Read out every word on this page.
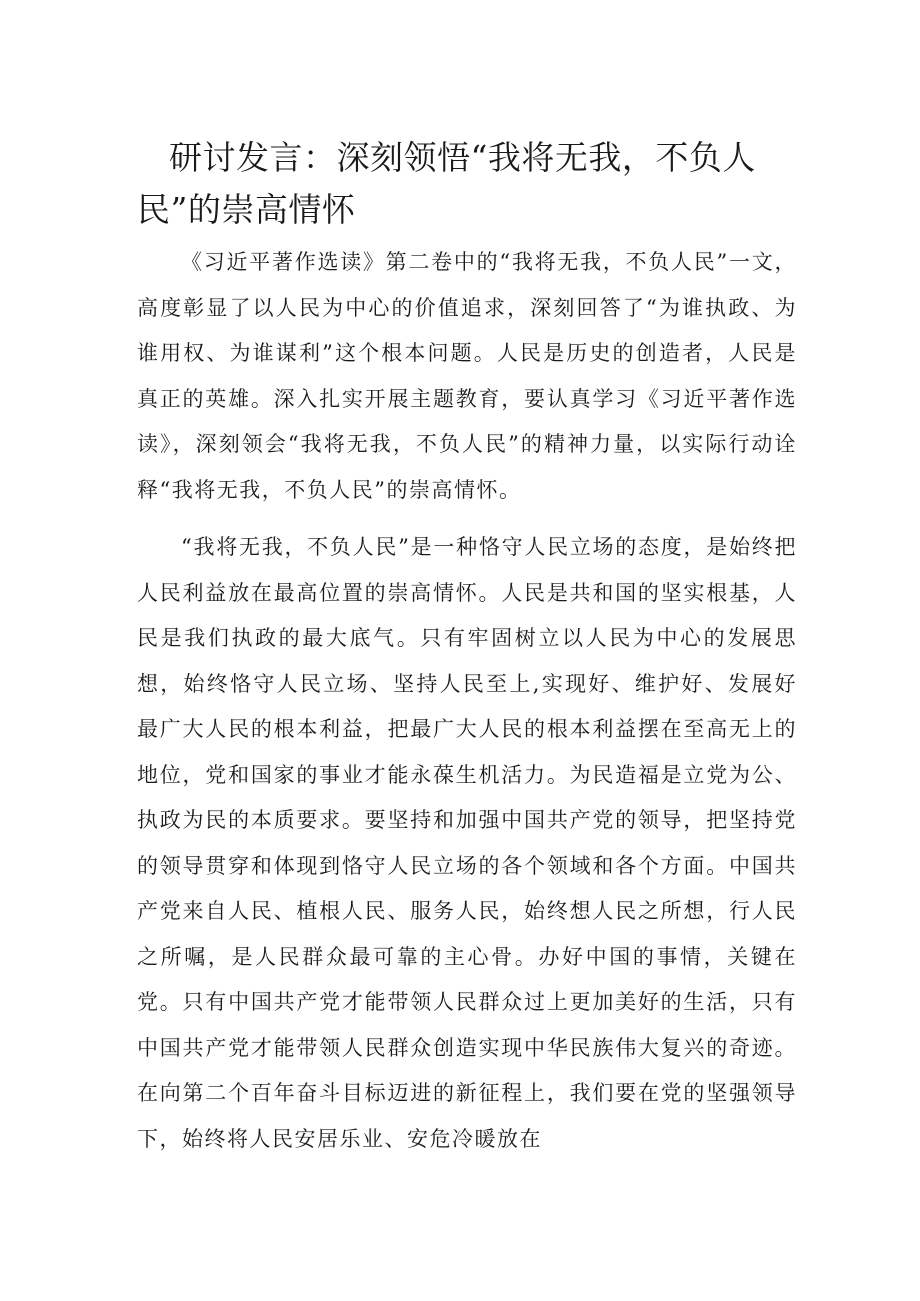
研讨发言：深刻领悟“我将无我，不负人民”的崇高情怀

《习近平著作选读》第二卷中的“我将无我，不负人民”一文，高度彰显了以人民为中心的价值追求，深刻回答了“为谁执政、为谁用权、为谁谋利”这个根本问题。人民是历史的创造者，人民是真正的英雄。深入扎实开展主题教育，要认真学习《习近平著作选读》，深刻领会“我将无我，不负人民”的精神力量，以实际行动诠释“我将无我，不负人民”的崇高情怀。

“我将无我，不负人民”是一种恪守人民立场的态度，是始终把人民利益放在最高位置的崇高情怀。人民是共和国的坚实根基，人民是我们执政的最大底气。只有牢固树立以人民为中心的发展思想，始终恪守人民立场、坚持人民至上,实现好、维护好、发展好最广大人民的根本利益，把最广大人民的根本利益摆在至高无上的地位，党和国家的事业才能永葆生机活力。为民造福是立党为公、执政为民的本质要求。要坚持和加强中国共产党的领导，把坚持党的领导贯穿和体现到恪守人民立场的各个领域和各个方面。中国共产党来自人民、植根人民、服务人民，始终想人民之所想，行人民之所嘱，是人民群众最可靠的主心骨。办好中国的事情，关键在党。只有中国共产党才能带领人民群众过上更加美好的生活，只有中国共产党才能带领人民群众创造实现中华民族伟大复兴的奇迹。在向第二个百年奋斗目标迈进的新征程上，我们要在党的坚强领导下，始终将人民安居乐业、安危冷暖放在
